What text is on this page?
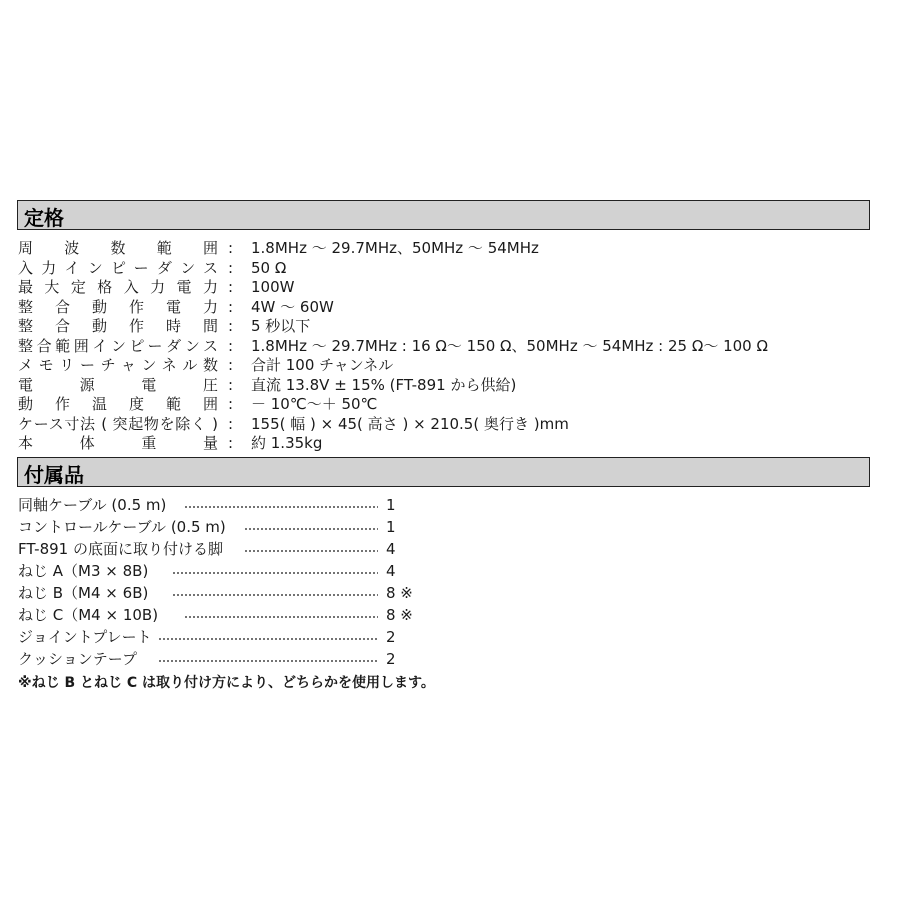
定格
周波数範囲 : 1.8MHz ～ 29.7MHz、50MHz ～ 54MHz
入力インピーダンス : 50 Ω
最大定格入力電力 : 100W
整合動作電力 : 4W ～ 60W
整合動作時間 : 5 秒以下
整合範囲インピーダンス : 1.8MHz ～ 29.7MHz : 16 Ω～ 150 Ω、50MHz ～ 54MHz : 25 Ω～ 100 Ω
メモリーチャンネル数 : 合計 100 チャンネル
電源電圧 : 直流 13.8V ± 15% (FT-891 から供給)
動作温度範囲 : － 10℃～＋ 50℃
ケース寸法 ( 突起物を除く ) : 155( 幅 ) × 45( 高さ ) × 210.5( 奥行き )mm
本体重量 : 約 1.35kg
付属品
同軸ケーブル (0.5 m)	1
コントロールケーブル (0.5 m)	1
FT-891 の底面に取り付ける脚	4
ねじ A（M3 × 8B)	4
ねじ B（M4 × 6B)	8 ※
ねじ C（M4 × 10B)	8 ※
ジョイントプレート	2
クッションテープ	2
※ねじ B とねじ C は取り付け方により、どちらかを使用します。
